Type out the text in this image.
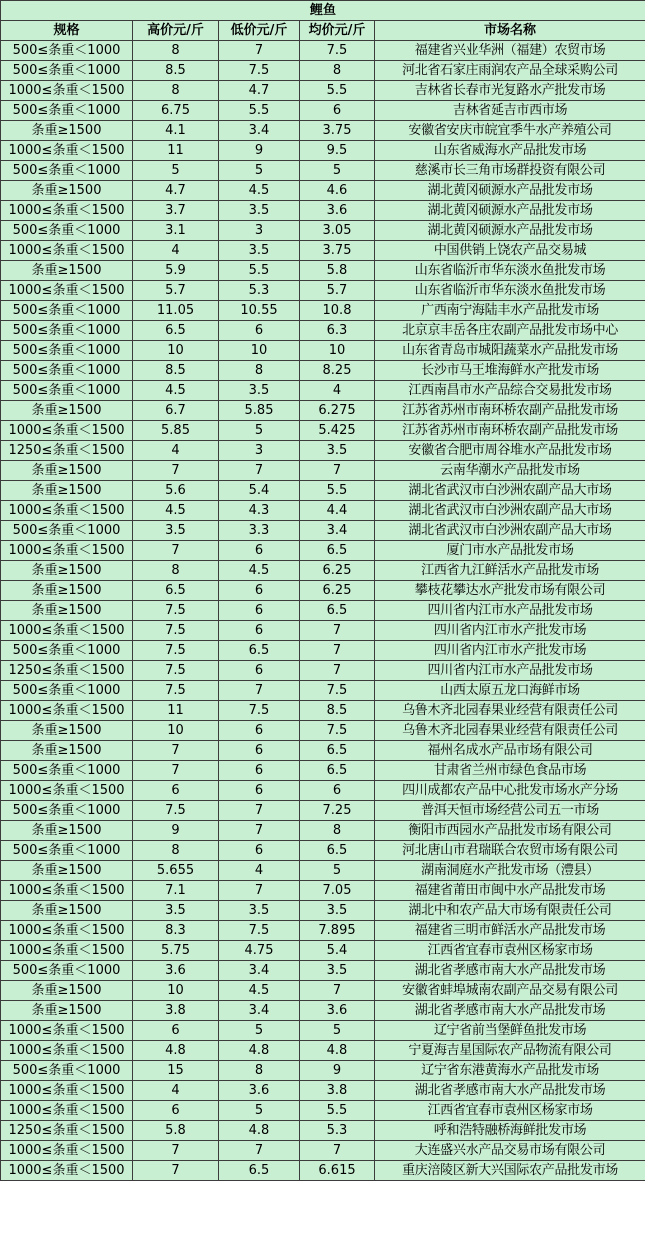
鲤鱼				
规格	高价元/斤	低价元/斤	均价元/斤	市场名称
500≤条重＜1000	8	7	7.5	福建省兴业华洲（福建）农贸市场
500≤条重＜1000	8.5	7.5	8	河北省石家庄雨润农产品全球采购公司
1000≤条重＜1500	8	4.7	5.5	吉林省长春市光复路水产批发市场
500≤条重＜1000	6.75	5.5	6	吉林省延吉市西市场
条重≥1500	4.1	3.4	3.75	安徽省安庆市皖宜季牛水产养殖公司
1000≤条重＜1500	11	9	9.5	山东省威海水产品批发市场
500≤条重＜1000	5	5	5	慈溪市长三角市场群投资有限公司
条重≥1500	4.7	4.5	4.6	湖北黄冈硕源水产品批发市场
1000≤条重＜1500	3.7	3.5	3.6	湖北黄冈硕源水产品批发市场
500≤条重＜1000	3.1	3	3.05	湖北黄冈硕源水产品批发市场
1000≤条重＜1500	4	3.5	3.75	中国供销上饶农产品交易城
条重≥1500	5.9	5.5	5.8	山东省临沂市华东淡水鱼批发市场
1000≤条重＜1500	5.7	5.3	5.7	山东省临沂市华东淡水鱼批发市场
500≤条重＜1000	11.05	10.55	10.8	广西南宁海陆丰水产品批发市场
500≤条重＜1000	6.5	6	6.3	北京京丰岳各庄农副产品批发市场中心
500≤条重＜1000	10	10	10	山东省青岛市城阳蔬菜水产品批发市场
500≤条重＜1000	8.5	8	8.25	长沙市马王堆海鲜水产批发市场
500≤条重＜1000	4.5	3.5	4	江西南昌市水产品综合交易批发市场
条重≥1500	6.7	5.85	6.275	江苏省苏州市南环桥农副产品批发市场
1000≤条重＜1500	5.85	5	5.425	江苏省苏州市南环桥农副产品批发市场
1250≤条重＜1500	4	3	3.5	安徽省合肥市周谷堆水产品批发市场
条重≥1500	7	7	7	云南华潮水产品批发市场
条重≥1500	5.6	5.4	5.5	湖北省武汉市白沙洲农副产品大市场
1000≤条重＜1500	4.5	4.3	4.4	湖北省武汉市白沙洲农副产品大市场
500≤条重＜1000	3.5	3.3	3.4	湖北省武汉市白沙洲农副产品大市场
1000≤条重＜1500	7	6	6.5	厦门市水产品批发市场
条重≥1500	8	4.5	6.25	江西省九江鲜活水产品批发市场
条重≥1500	6.5	6	6.25	攀枝花攀达水产批发市场有限公司
条重≥1500	7.5	6	6.5	四川省内江市水产品批发市场
1000≤条重＜1500	7.5	6	7	四川省内江市水产批发市场
500≤条重＜1000	7.5	6.5	7	四川省内江市水产批发市场
1250≤条重＜1500	7.5	6	7	四川省内江市水产品批发市场
500≤条重＜1000	7.5	7	7.5	山西太原五龙口海鲜市场
1000≤条重＜1500	11	7.5	8.5	乌鲁木齐北园春果业经营有限责任公司
条重≥1500	10	6	7.5	乌鲁木齐北园春果业经营有限责任公司
条重≥1500	7	6	6.5	福州名成水产品市场有限公司
500≤条重＜1000	7	6	6.5	甘肃省兰州市绿色食品市场
1000≤条重＜1500	6	6	6	四川成都农产品中心批发市场水产分场
500≤条重＜1000	7.5	7	7.25	普洱天恒市场经营公司五一市场
条重≥1500	9	7	8	衡阳市西园水产品批发市场有限公司
500≤条重＜1000	8	6	6.5	河北唐山市君瑞联合农贸市场有限公司
条重≥1500	5.655	4	5	湖南洞庭水产批发市场（澧县）
1000≤条重＜1500	7.1	7	7.05	福建省莆田市闽中水产品批发市场
条重≥1500	3.5	3.5	3.5	湖北中和农产品大市场有限责任公司
1000≤条重＜1500	8.3	7.5	7.895	福建省三明市鲜活水产品批发市场
1000≤条重＜1500	5.75	4.75	5.4	江西省宜春市袁州区杨家市场
500≤条重＜1000	3.6	3.4	3.5	湖北省孝感市南大水产品批发市场
条重≥1500	10	4.5	7	安徽省蚌埠城南农副产品交易有限公司
条重≥1500	3.8	3.4	3.6	湖北省孝感市南大水产品批发市场
1000≤条重＜1500	6	5	5	辽宁省前当堡鲜鱼批发市场
1000≤条重＜1500	4.8	4.8	4.8	宁夏海吉星国际农产品物流有限公司
500≤条重＜1000	15	8	9	辽宁省东港黄海水产品批发市场
1000≤条重＜1500	4	3.6	3.8	湖北省孝感市南大水产品批发市场
1000≤条重＜1500	6	5	5.5	江西省宜春市袁州区杨家市场
1250≤条重＜1500	5.8	4.8	5.3	呼和浩特融桥海鲜批发市场
1000≤条重＜1500	7	7	7	大连盛兴水产品交易市场有限公司
1000≤条重＜1500	7	6.5	6.615	重庆涪陵区新大兴国际农产品批发市场
